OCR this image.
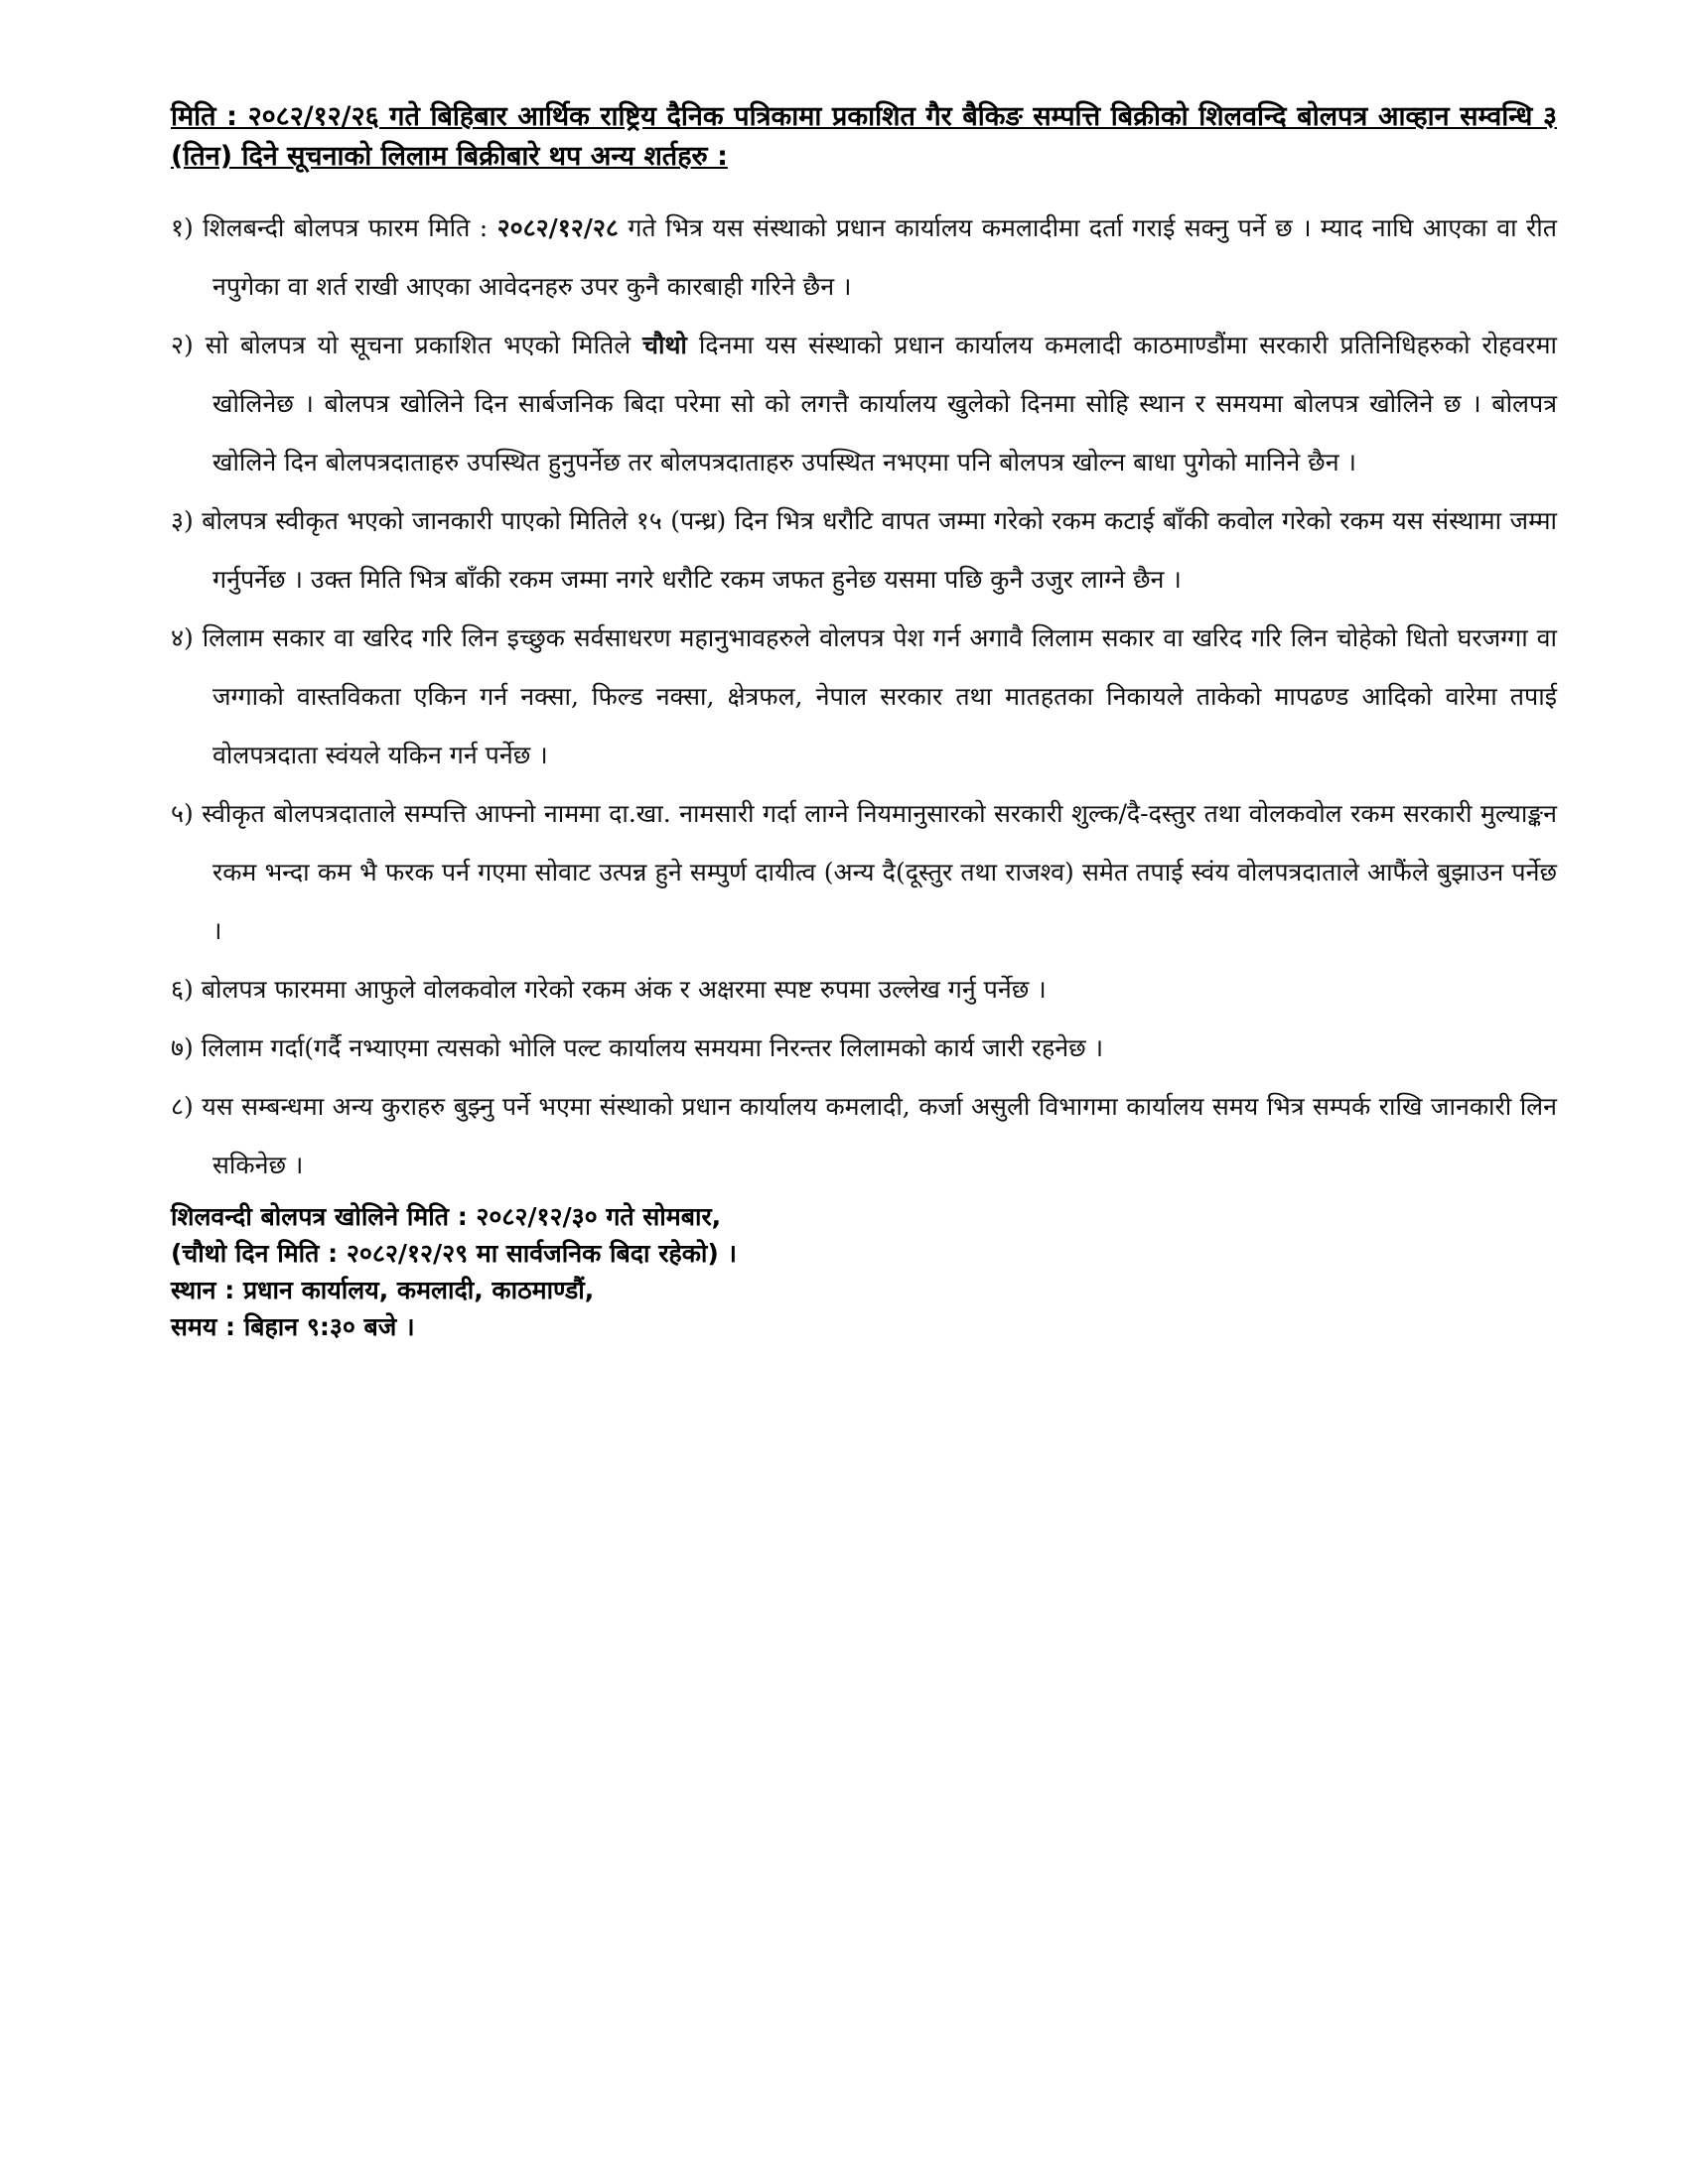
मिति : २०८२/१२/२६ गते बिहिबार आर्थिक राष्ट्रिय दैनिक पत्रिकामा प्रकाशित गैर बैकिङ सम्पत्ति बिक्रीको शिलवन्दि बोलपत्र आव्हान सम्वन्धि ३ (तिन) दिने सूचनाको लिलाम बिक्रीबारे थप अन्य शर्तहरु :

१) शिलबन्दी बोलपत्र फारम मिति : २०८२/१२/२८ गते भित्र यस संस्थाको प्रधान कार्यालय कमलादीमा दर्ता गराई सक्नु पर्ने छ । म्याद नाघि आएका वा रीत नपुगेका वा शर्त राखी आएका आवेदनहरु उपर कुनै कारबाही गरिने छैन ।
२) सो बोलपत्र यो सूचना प्रकाशित भएको मितिले चौथो दिनमा यस संस्थाको प्रधान कार्यालय कमलादी काठमाण्डौंमा सरकारी प्रतिनिधिहरुको रोहवरमा खोलिनेछ । बोलपत्र खोलिने दिन सार्बजनिक बिदा परेमा सो को लगत्तै कार्यालय खुलेको दिनमा सोहि स्थान र समयमा बोलपत्र खोलिने छ । बोलपत्र खोलिने दिन बोलपत्रदाताहरु उपस्थित हुनुपर्नेछ तर बोलपत्रदाताहरु उपस्थित नभएमा पनि बोलपत्र खोल्न बाधा पुगेको मानिने छैन ।
३) बोलपत्र स्वीकृत भएको जानकारी पाएको मितिले १५ (पन्ध्र) दिन भित्र धरौटि वापत जम्मा गरेको रकम कटाई बाँकी कवोल गरेको रकम यस संस्थामा जम्मा गर्नुपर्नेछ । उक्त मिति भित्र बाँकी रकम जम्मा नगरे धरौटि रकम जफत हुनेछ यसमा पछि कुनै उजुर लाग्ने छैन ।
४) लिलाम सकार वा खरिद गरि लिन इच्छुक सर्वसाधरण महानुभावहरुले वोलपत्र पेश गर्न अगावै लिलाम सकार वा खरिद गरि लिन चोहेको धितो घरजग्गा वा जग्गाको वास्तविकता एकिन गर्न नक्सा, फिल्ड नक्सा, क्षेत्रफल, नेपाल सरकार तथा मातहतका निकायले ताकेको मापढण्ड आदिको वारेमा तपाई वोलपत्रदाता स्वंयले यकिन गर्न पर्नेछ ।
५) स्वीकृत बोलपत्रदाताले सम्पत्ति आफ्नो नाममा दा.खा. नामसारी गर्दा लाग्ने नियमानुसारको सरकारी शुल्क/दै-दस्तुर तथा वोलकवोल रकम सरकारी मुल्याङ्कन रकम भन्दा कम भै फरक पर्न गएमा सोवाट उत्पन्न हुने सम्पुर्ण दायीत्व (अन्य दै(दूस्तुर तथा राजश्व) समेत तपाई स्वंय वोलपत्रदाताले आफैंले बुझाउन पर्नेछ ।
६) बोलपत्र फारममा आफुले वोलकवोल गरेको रकम अंक र अक्षरमा स्पष्ट रुपमा उल्लेख गर्नु पर्नेछ ।
७) लिलाम गर्दा(गर्दै नभ्याएमा त्यसको भोलि पल्ट कार्यालय समयमा निरन्तर लिलामको कार्य जारी रहनेछ ।
८) यस सम्बन्धमा अन्य कुराहरु बुझ्नु पर्ने भएमा संस्थाको प्रधान कार्यालय कमलादी, कर्जा असुली विभागमा कार्यालय समय भित्र सम्पर्क राखि जानकारी लिन सकिनेछ ।
शिलवन्दी बोलपत्र खोलिने मिति : २०८२/१२/३० गते सोमबार,
(चौथो दिन मिति : २०८२/१२/२९ मा सार्वजनिक बिदा रहेको) ।
स्थान : प्रधान कार्यालय, कमलादी, काठमाण्डौं,
समय : बिहान ९:३० बजे ।
